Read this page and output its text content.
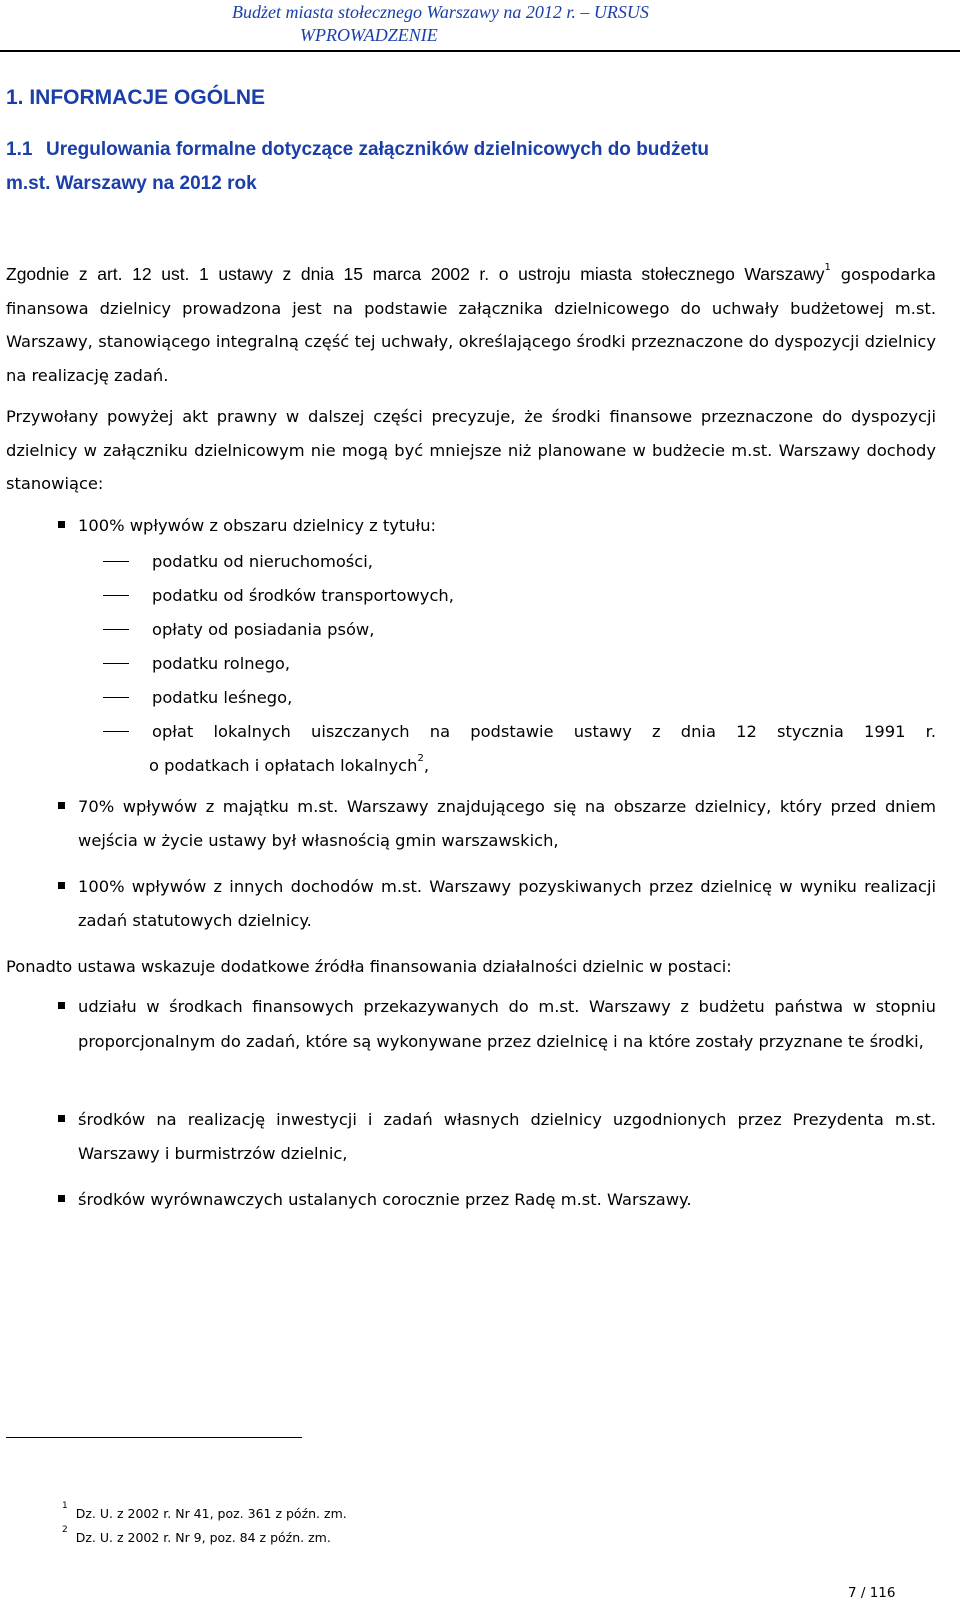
Budżet miasta stołecznego Warszawy na 2012 r. – URSUS
WPROWADZENIE
1. INFORMACJE OGÓLNE
1.1 Uregulowania formalne dotyczące załączników dzielnicowych do budżetu
m.st. Warszawy na 2012 rok
Zgodnie z art. 12 ust. 1 ustawy z dnia 15 marca 2002 r. o ustroju miasta stołecznego Warszawy$^1$ gospodarka finansowa dzielnicy prowadzona jest na podstawie załącznika dzielnicowego do uchwały budżetowej m.st. Warszawy, stanowiącego integralną część tej uchwały, określającego środki przeznaczone do dyspozycji dzielnicy na realizację zadań.
Przywołany powyżej akt prawny w dalszej części precyzuje, że środki finansowe przeznaczone do dyspozycji dzielnicy w załączniku dzielnicowym nie mogą być mniejsze niż planowane w budżecie m.st. Warszawy dochody stanowiące:
100% wpływów z obszaru dzielnicy z tytułu:
podatku od nieruchomości,
podatku od środków transportowych,
opłaty od posiadania psów,
podatku rolnego,
podatku leśnego,
opłat lokalnych uiszczanych na podstawie ustawy z dnia 12 stycznia 1991 r.
o podatkach i opłatach lokalnych$^2$,
70% wpływów z majątku m.st. Warszawy znajdującego się na obszarze dzielnicy, który przed dniem wejścia w życie ustawy był własnością gmin warszawskich,
100% wpływów z innych dochodów m.st. Warszawy pozyskiwanych przez dzielnicę w wyniku realizacji zadań statutowych dzielnicy.
Ponadto ustawa wskazuje dodatkowe źródła finansowania działalności dzielnic w postaci:
udziału w środkach finansowych przekazywanych do m.st. Warszawy z budżetu państwa w stopniu proporcjonalnym do zadań, które są wykonywane przez dzielnicę i na które zostały przyznane te środki,
środków na realizację inwestycji i zadań własnych dzielnicy uzgodnionych przez Prezydenta m.st. Warszawy i burmistrzów dzielnic,
środków wyrównawczych ustalanych corocznie przez Radę m.st. Warszawy.
$^1$Dz. U. z 2002 r. Nr 41, poz. 361 z późn. zm.
$^2$Dz. U. z 2002 r. Nr 9, poz. 84 z późn. zm.
7 / 116
